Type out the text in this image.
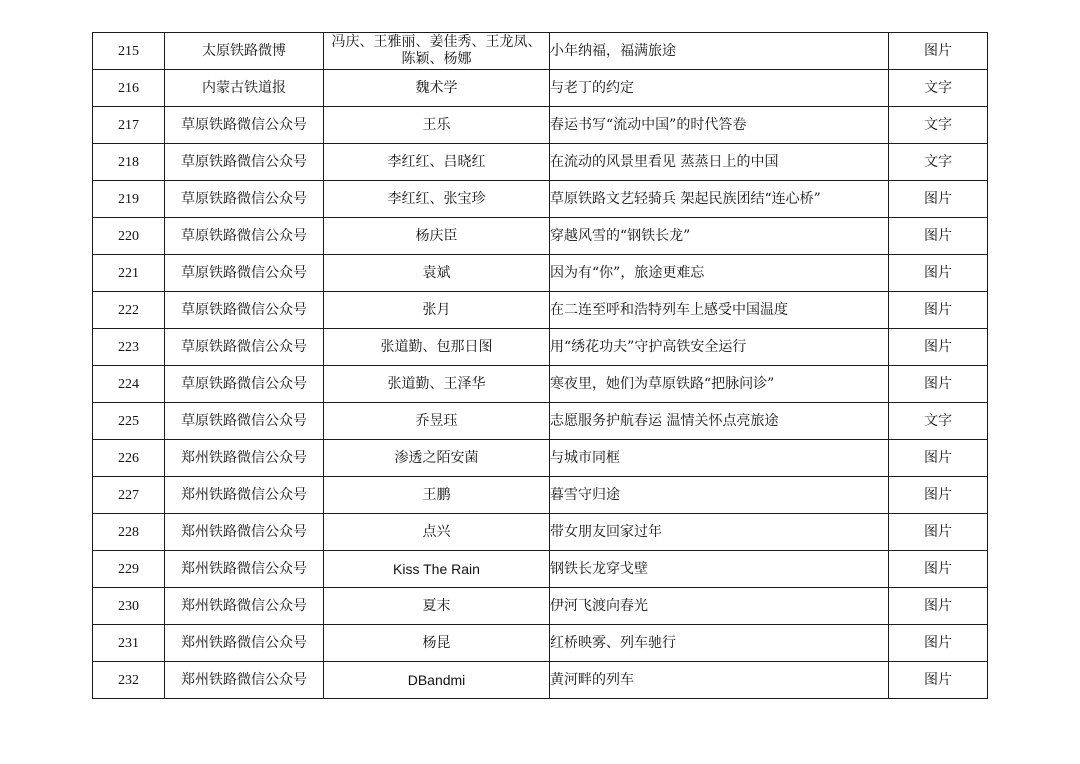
215	太原铁路微博	冯庆、王雅丽、姜佳秀、王龙凤、陈颖、杨娜	小年纳福，福满旅途	图片
216	内蒙古铁道报	魏术学	与老丁的约定	文字
217	草原铁路微信公众号	王乐	春运书写“流动中国”的时代答卷	文字
218	草原铁路微信公众号	李红红、吕晓红	在流动的风景里看见 蒸蒸日上的中国	文字
219	草原铁路微信公众号	李红红、张宝珍	草原铁路文艺轻骑兵 架起民族团结“连心桥”	图片
220	草原铁路微信公众号	杨庆臣	穿越风雪的“钢铁长龙”	图片
221	草原铁路微信公众号	袁斌	因为有“你”，旅途更难忘	图片
222	草原铁路微信公众号	张月	在二连至呼和浩特列车上感受中国温度	图片
223	草原铁路微信公众号	张道勤、包那日图	用“绣花功夫”守护高铁安全运行	图片
224	草原铁路微信公众号	张道勤、王泽华	寒夜里，她们为草原铁路“把脉问诊”	图片
225	草原铁路微信公众号	乔昱珏	志愿服务护航春运 温情关怀点亮旅途	文字
226	郑州铁路微信公众号	渗透之陌安菌	与城市同框	图片
227	郑州铁路微信公众号	王鹏	暮雪守归途	图片
228	郑州铁路微信公众号	点兴	带女朋友回家过年	图片
229	郑州铁路微信公众号	Kiss The Rain	钢铁长龙穿戈壁	图片
230	郑州铁路微信公众号	夏末	伊河飞渡向春光	图片
231	郑州铁路微信公众号	杨昆	红桥映雾、列车驰行	图片
232	郑州铁路微信公众号	DBandmi	黄河畔的列车	图片
